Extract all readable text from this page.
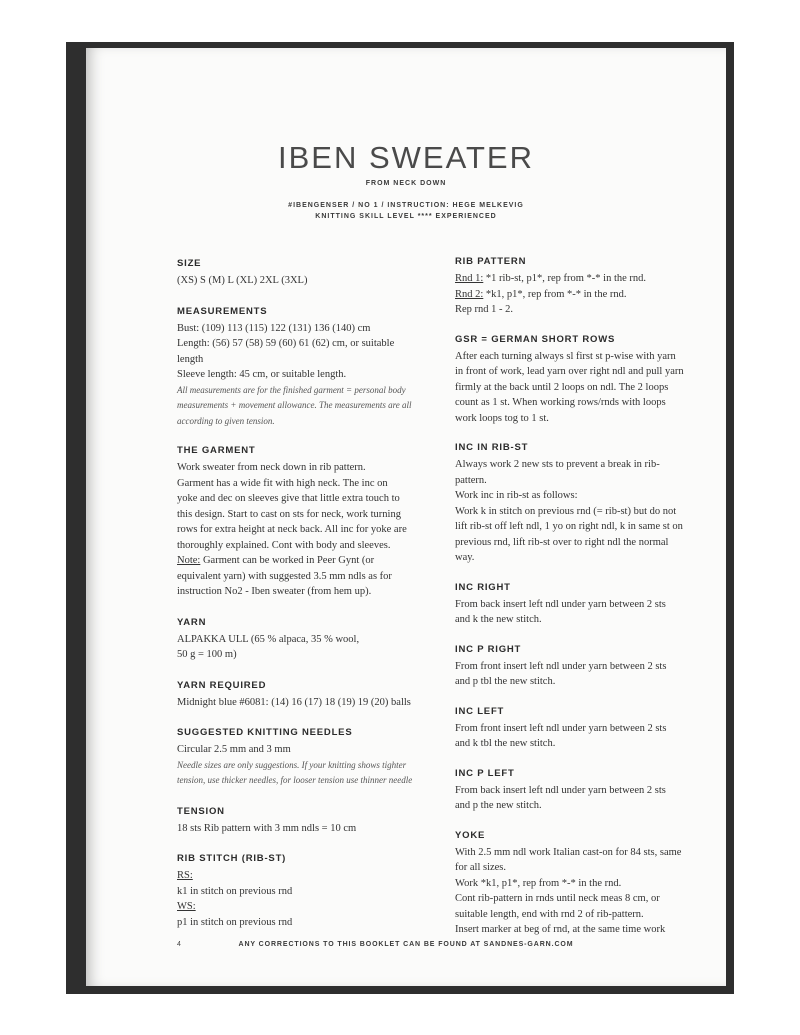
IBEN SWEATER
FROM NECK DOWN
#IBENGENSER / NO 1 / INSTRUCTION: HEGE MELKEVIG
KNITTING SKILL LEVEL **** EXPERIENCED
SIZE

(XS) S (M) L (XL) 2XL (3XL)

MEASUREMENTS

Bust: (109) 113 (115) 122 (131) 136 (140) cm

Length: (56) 57 (58) 59 (60) 61 (62) cm, or suitable

length

Sleeve length: 45 cm, or suitable length.

All measurements are for the finished garment = personal body

measurements + movement allowance. The measurements are all

according to given tension.

THE GARMENT

Work sweater from neck down in rib pattern.

Garment has a wide fit with high neck. The inc on

yoke and dec on sleeves give that little extra touch to

this design. Start to cast on sts for neck, work turning

rows for extra height at neck back. All inc for yoke are

thoroughly explained. Cont with body and sleeves.

Note: Garment can be worked in Peer Gynt (or

equivalent yarn) with suggested 3.5 mm ndls as for

instruction No2 - Iben sweater (from hem up).

YARN

ALPAKKA ULL (65 % alpaca, 35 % wool,

50 g = 100 m)

YARN REQUIRED

Midnight blue #6081: (14) 16 (17) 18 (19) 19 (20) balls

SUGGESTED KNITTING NEEDLES

Circular 2.5 mm and 3 mm

Needle sizes are only suggestions. If your knitting shows tighter

tension, use thicker needles, for looser tension use thinner needle

TENSION

18 sts Rib pattern with 3 mm ndls = 10 cm

RIB STITCH (RIB-ST)

RS:

k1 in stitch on previous rnd

WS:

p1 in stitch on previous rnd

RIB PATTERN

Rnd 1: *1 rib-st, p1*, rep from *-* in the rnd.

Rnd 2: *k1, p1*, rep from *-* in the rnd.

Rep rnd 1 - 2.

GSR = GERMAN SHORT ROWS

After each turning always sl first st p-wise with yarn

in front of work, lead yarn over right ndl and pull yarn

firmly at the back until 2 loops on ndl. The 2 loops

count as 1 st. When working rows/rnds with loops

work loops tog to 1 st.

INC IN RIB-ST

Always work 2 new sts to prevent a break in rib-

pattern.

Work inc in rib-st as follows:

Work k in stitch on previous rnd (= rib-st) but do not

lift rib-st off left ndl, 1 yo on right ndl, k in same st on

previous rnd, lift rib-st over to right ndl the normal

way.

INC RIGHT

From back insert left ndl under yarn between 2 sts

and k the new stitch.

INC P RIGHT

From front insert left ndl under yarn between 2 sts

and p tbl the new stitch.

INC LEFT

From front insert left ndl under yarn between 2 sts

and k tbl the new stitch.

INC P LEFT

From back insert left ndl under yarn between 2 sts

and p the new stitch.

YOKE

With 2.5 mm ndl work Italian cast-on for 84 sts, same

for all sizes.

Work *k1, p1*, rep from *-* in the rnd.

Cont rib-pattern in rnds until neck meas 8 cm, or

suitable length, end with rnd 2 of rib-pattern.

Insert marker at beg of rnd, at the same time work

4	ANY CORRECTIONS TO THIS BOOKLET CAN BE FOUND AT SANDNES-GARN.COM
